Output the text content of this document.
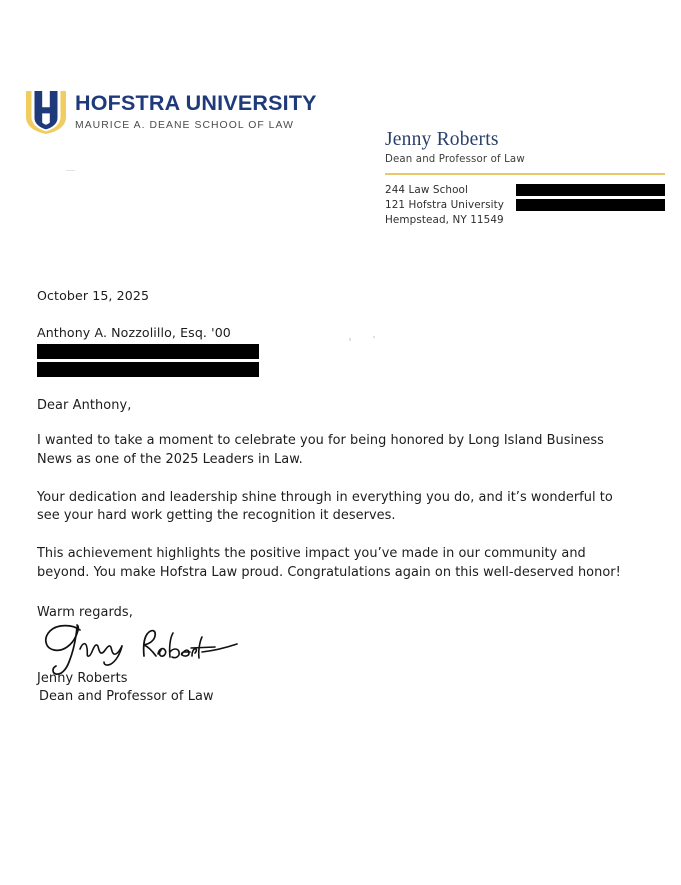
HOFSTRA UNIVERSITY
MAURICE A. DEANE SCHOOL OF LAW
Jenny Roberts
Dean and Professor of Law
244 Law School
121 Hofstra University
Hempstead, NY 11549
October 15, 2025
Anthony A. Nozzolillo, Esq. '00
Dear Anthony,
I wanted to take a moment to celebrate you for being honored by Long Island Business News as one of the 2025 Leaders in Law.
Your dedication and leadership shine through in everything you do, and it’s wonderful to see your hard work getting the recognition it deserves.
This achievement highlights the positive impact you’ve made in our community and beyond. You make Hofstra Law proud. Congratulations again on this well-deserved honor!
Warm regards,
Jenny Roberts
Dean and Professor of Law
